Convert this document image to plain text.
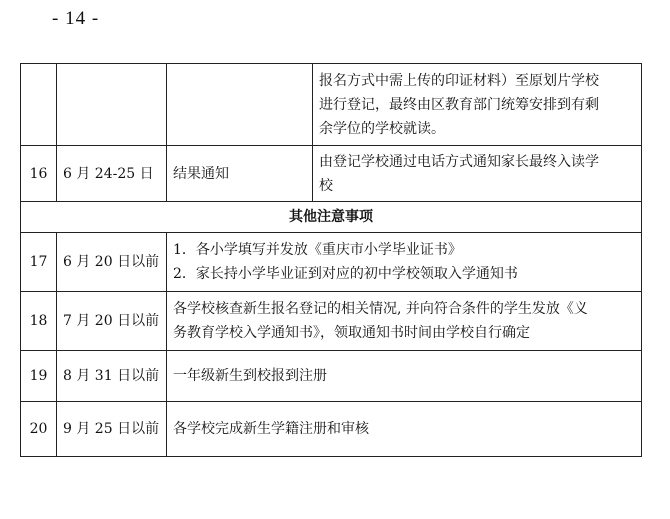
- 14 -

			报名方式中需上传的印证材料）至原划片学校
进行登记，最终由区教育部门统筹安排到有剩
余学位的学校就读。

16	6 月 24-25 日	结果通知	由登记学校通过电话方式通知家长最终入读学
校

其他注意事项			
17	6 月 20 日以前	1．各小学填写并发放《重庆市小学毕业证书》
2．家长持小学毕业证到对应的初中学校领取入学通知书	

18	7 月 20 日以前	各学校核查新生报名登记的相关情况, 并向符合条件的学生发放《义
务教育学校入学通知书》，领取通知书时间由学校自行确定	

19	8 月 31 日以前	一年级新生到校报到注册	

20	9 月 25 日以前	各学校完成新生学籍注册和审核	
